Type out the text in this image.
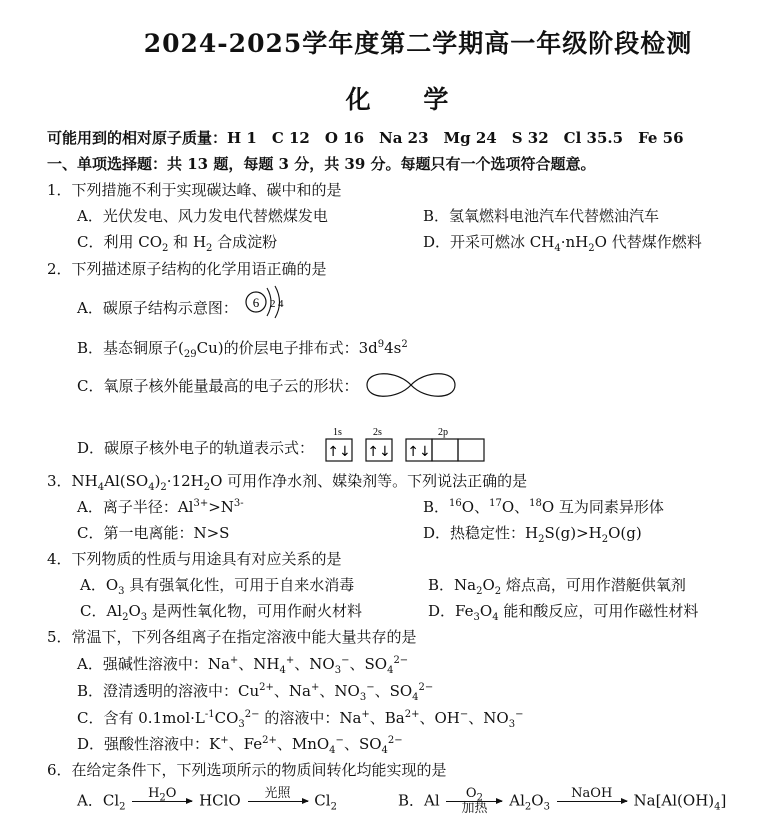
2024-2025学年度第二学期高一年级阶段检测
化 学
可能用到的相对原子质量：H 1　C 12　O 16　Na 23　Mg 24　S 32　Cl 35.5　Fe 56
一、单项选择题：共 13 题，每题 3 分，共 39 分。每题只有一个选项符合题意。
1．下列措施不利于实现碳达峰、碳中和的是
A．光伏发电、风力发电代替燃煤发电	B．氢氧燃料电池汽车代替燃油汽车
C．利用 $CO_2$ 和 $H_2$ 合成淀粉	D．开采可燃冰 $CH_4\cdot nH_2O$ 代替煤作燃料
2．下列描述原子结构的化学用语正确的是
A．碳原子结构示意图： 6 2 4
B．基态铜原子$(_{29}Cu)$的价层电子排布式：$3d^94s^2$
C．氧原子核外能量最高的电子云的形状：
D．碳原子核外电子的轨道表示式：
1s	2s	2p
↑↓ ↑↓ ↑↓
3．$NH_4Al(SO_4)_2\cdot 12H_2O$ 可用作净水剂、媒染剂等。下列说法正确的是
A．离子半径：$Al^{3+}>N^{3-}$	B．$^{16}$O、$^{17}$O、$^{18}$O 互为同素异形体
C．第一电离能：N>S	D．热稳定性：$H_2S(g)>H_2O(g)$
4．下列物质的性质与用途具有对应关系的是
A．$O_3$ 具有强氧化性，可用于自来水消毒	B．$Na_2O_2$ 熔点高，可用作潜艇供氧剂
C．$Al_2O_3$ 是两性氧化物，可用作耐火材料	D．$Fe_3O_4$ 能和酸反应，可用作磁性材料
5．常温下，下列各组离子在指定溶液中能大量共存的是
A．强碱性溶液中：Na+、$NH_4^+$、$NO_3^-$、$SO_4^{2-}$
B．澄清透明的溶液中：$Cu^{2+}$、Na+、$NO_3^-$、$SO_4^{2-}$
C．含有 $0.1mol\cdot L^{-1}CO_3^{2-}$ 的溶液中：Na+、$Ba^{2+}$、OH−、$NO_3^-$
D．强酸性溶液中：K+、$Fe^{2+}$、MnO$_4$−、$SO_4^{2-}$
6．在给定条件下，下列选项所示的物质间转化均能实现的是
A．$Cl_2$
$H_2O$
	HClO	光照
	$Cl_2$	B．Al	$O_2$
加热	$Al_2O_3$
NaOH
	$Na[Al(OH)_4]$
